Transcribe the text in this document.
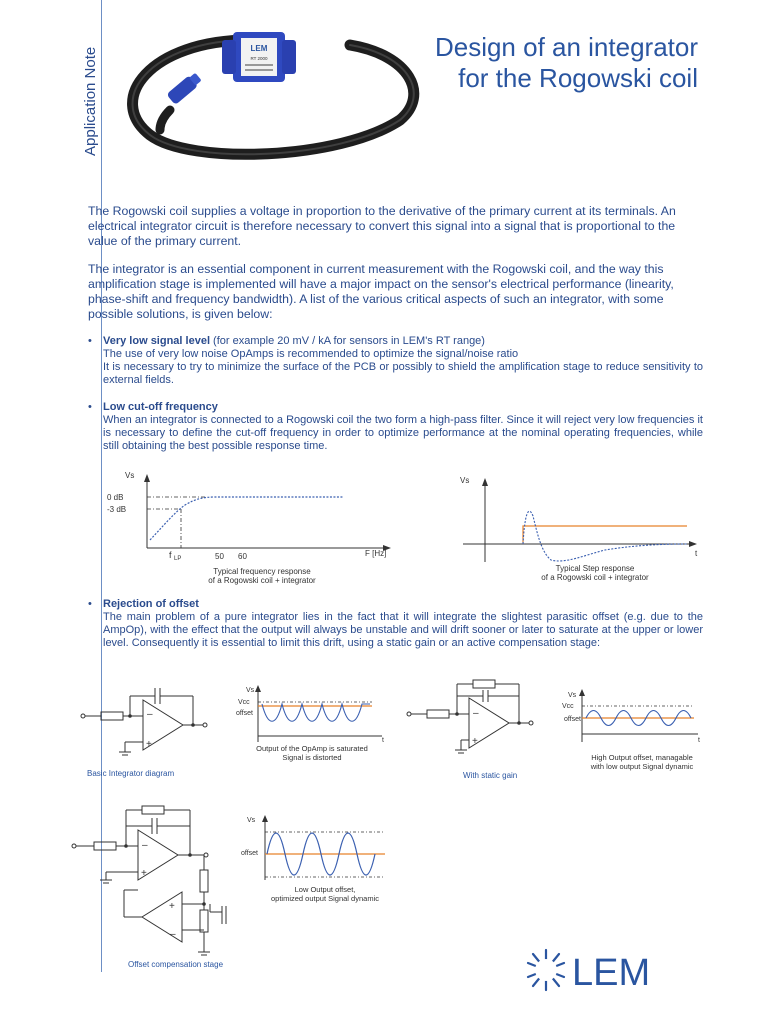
Application Note	LEM
RT 2000	Design of an integrator
for the Rogowski coil
The Rogowski coil supplies a voltage in proportion to the derivative of the primary current at its terminals. An electrical integrator circuit is therefore necessary to convert this signal into a signal that is proportional to the value of the primary current.
The integrator is an essential component in current measurement with the Rogowski coil, and the way this amplification stage is implemented will have a major impact on the sensor's electrical performance (linearity, phase-shift and frequency bandwidth). A list of the various critical aspects of such an integrator, with some possible solutions, is given below:
• Very low signal level (for example 20 mV / kA for sensors in LEM's RT range)
The use of very low noise OpAmps is recommended to optimize the signal/noise ratio
It is necessary to try to minimize the surface of the PCB or possibly to shield the amplification stage to reduce sensitivity to external fields.
• Low cut-off frequency
When an integrator is connected to a Rogowski coil the two form a high-pass filter. Since it will reject very low frequencies it is necessary to define the cut-off frequency in order to optimize performance at the nominal operating frequencies, while still obtaining the best possible response time.
Vs
0 dB
-3 dB
f LP	50 60	F [Hz]
Typical frequency response
of a Rogowski coil + integrator
Vs
t
Typical Step response
of a Rogowski coil + integrator
• Rejection of offset
The main problem of a pure integrator lies in the fact that it will integrate the slightest parasitic offset (e.g. due to the AmpOp), with the effect that the output will always be unstable and will drift sooner or later to saturate at the upper or lower level. Consequently it is essential to limit this drift, using a static gain or an active compensation stage:
–
+
Basic Integrator diagram
Vs
Vcc
offset
t
Output of the OpAmp is saturated
Signal is distorted
–
+
With static gain
Vs
Vcc
offset
t
High Output offset, managable
with low output Signal dynamic
–
+
+
–
Offset compensation stage
Vs
offset
Low Output offset,
optimized output Signal dynamic
LEM
